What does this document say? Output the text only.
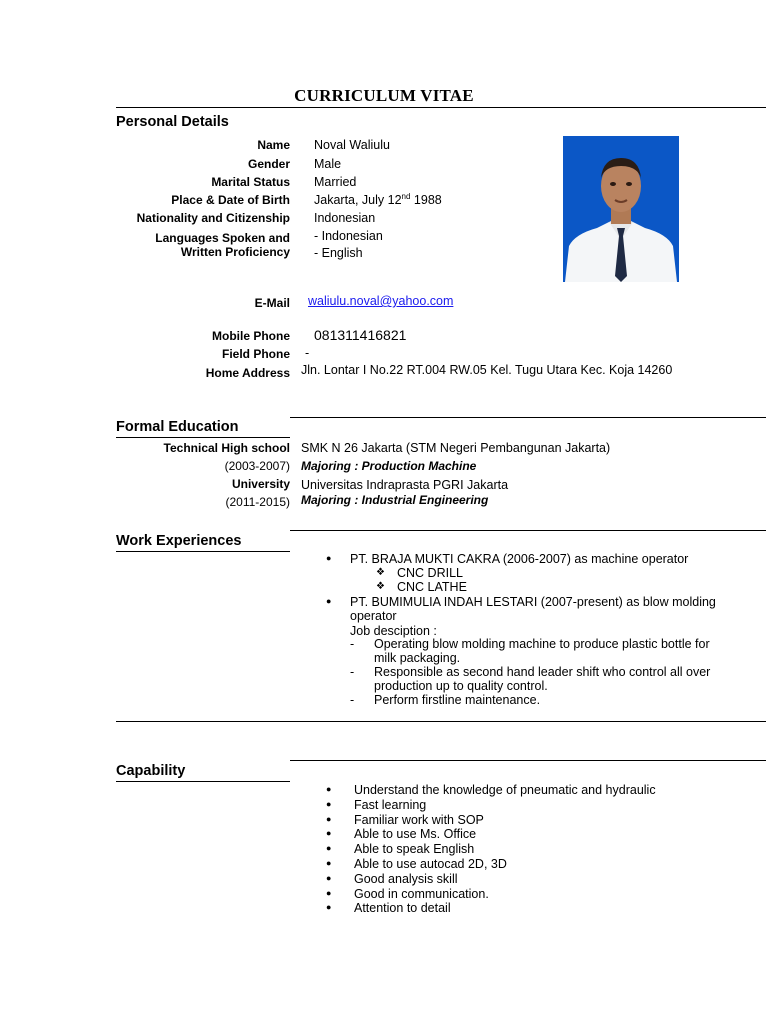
CURRICULUM VITAE
Personal Details
Name Noval Waliulu
Gender Male
Marital Status Married
Place & Date of Birth Jakarta, July 12nd 1988
Nationality and Citizenship Indonesian
Languages Spoken and
Written Proficiency
- Indonesian
- English
E-Mail waliulu.noval@yahoo.com
Mobile Phone 081311416821
Field Phone -
Home Address Jln. Lontar I No.22 RT.004 RW.05 Kel. Tugu Utara Kec. Koja 14260
Formal Education
Technical High school SMK N 26 Jakarta (STM Negeri Pembangunan Jakarta)
(2003-2007) Majoring : Production Machine
University Universitas Indraprasta PGRI Jakarta
(2011-2015) Majoring : Industrial Engineering
Work Experiences
● PT. BRAJA MUKTI CAKRA (2006-2007) as machine operator
❖ CNC DRILL
❖ CNC LATHE
● PT. BUMIMULIA INDAH LESTARI (2007-present) as blow molding
operator
Job desciption :
- Operating blow molding machine to produce plastic bottle for
milk packaging.
- Responsible as second hand leader shift who control all over
production up to quality control.
- Perform firstline maintenance.
Capability
● Understand the knowledge of pneumatic and hydraulic
● Fast learning
● Familiar work with SOP
● Able to use Ms. Office
● Able to speak English
● Able to use autocad 2D, 3D
● Good analysis skill
● Good in communication.
● Attention to detail
